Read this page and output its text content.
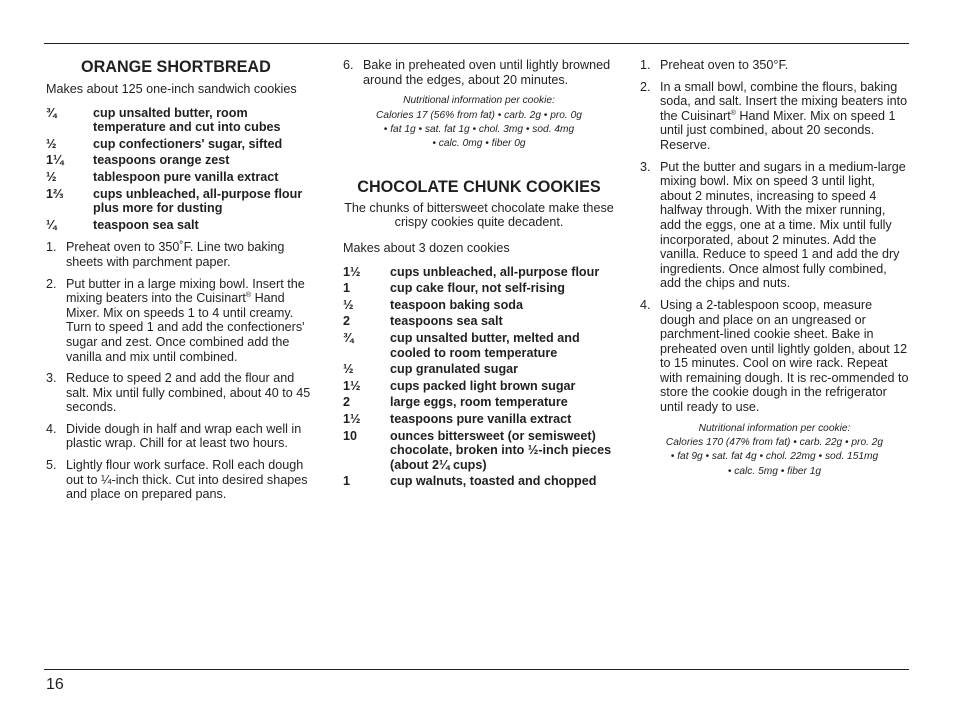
ORANGE SHORTBREAD
Makes about 125 one-inch sandwich cookies
¾	cup unsalted butter, room temperature and cut into cubes
½	cup confectioners' sugar, sifted
1¼	teaspoons orange zest
½	tablespoon pure vanilla extract
1⅔	cups unbleached, all-purpose flour plus more for dusting
¼	teaspoon sea salt
1. Preheat oven to 350˚F. Line two baking sheets with parchment paper.
2. Put butter in a large mixing bowl. Insert the mixing beaters into the Cuisinart® Hand Mixer. Mix on speeds 1 to 4 until creamy. Turn to speed 1 and add the confectioners' sugar and zest. Once combined add the vanilla and mix until combined.
3. Reduce to speed 2 and add the flour and salt. Mix until fully combined, about 40 to 45 seconds.
4. Divide dough in half and wrap each well in plastic wrap. Chill for at least two hours.
5. Lightly flour work surface. Roll each dough out to ¼-inch thick. Cut into desired shapes and place on prepared pans.
6. Bake in preheated oven until lightly browned around the edges, about 20 minutes.
Nutritional information per cookie:
Calories 17 (56% from fat) • carb. 2g • pro. 0g
• fat 1g • sat. fat 1g • chol. 3mg • sod. 4mg
• calc. 0mg • fiber 0g
CHOCOLATE CHUNK COOKIES
The chunks of bittersweet chocolate make these crispy cookies quite decadent.
Makes about 3 dozen cookies
1½	cups unbleached, all-purpose flour
1	cup cake flour, not self-rising
½	teaspoon baking soda
2	teaspoons sea salt
¾	cup unsalted butter, melted and cooled to room temperature
½	cup granulated sugar
1½	cups packed light brown sugar
2	large eggs, room temperature
1½	teaspoons pure vanilla extract
10	ounces bittersweet (or semisweet) chocolate, broken into ½-inch pieces (about 2¼ cups)
1	cup walnuts, toasted and chopped
1. Preheat oven to 350°F.
2. In a small bowl, combine the flours, baking soda, and salt. Insert the mixing beaters into the Cuisinart® Hand Mixer. Mix on speed 1 until just combined, about 20 seconds. Reserve.
3. Put the butter and sugars in a medium-large mixing bowl. Mix on speed 3 until light, about 2 minutes, increasing to speed 4 halfway through. With the mixer running, add the eggs, one at a time. Mix until fully incorporated, about 2 minutes. Add the vanilla. Reduce to speed 1 and add the dry ingredients. Once almost fully combined, add the chips and nuts.
4. Using a 2-tablespoon scoop, measure dough and place on an ungreased or parchment-lined cookie sheet. Bake in preheated oven until lightly golden, about 12 to 15 minutes. Cool on wire rack. Repeat with remaining dough. It is rec-ommended to store the cookie dough in the refrigerator until ready to use.
Nutritional information per cookie:
Calories 170 (47% from fat) • carb. 22g • pro. 2g
• fat 9g • sat. fat 4g • chol. 22mg • sod. 151mg
• calc. 5mg • fiber 1g
16
